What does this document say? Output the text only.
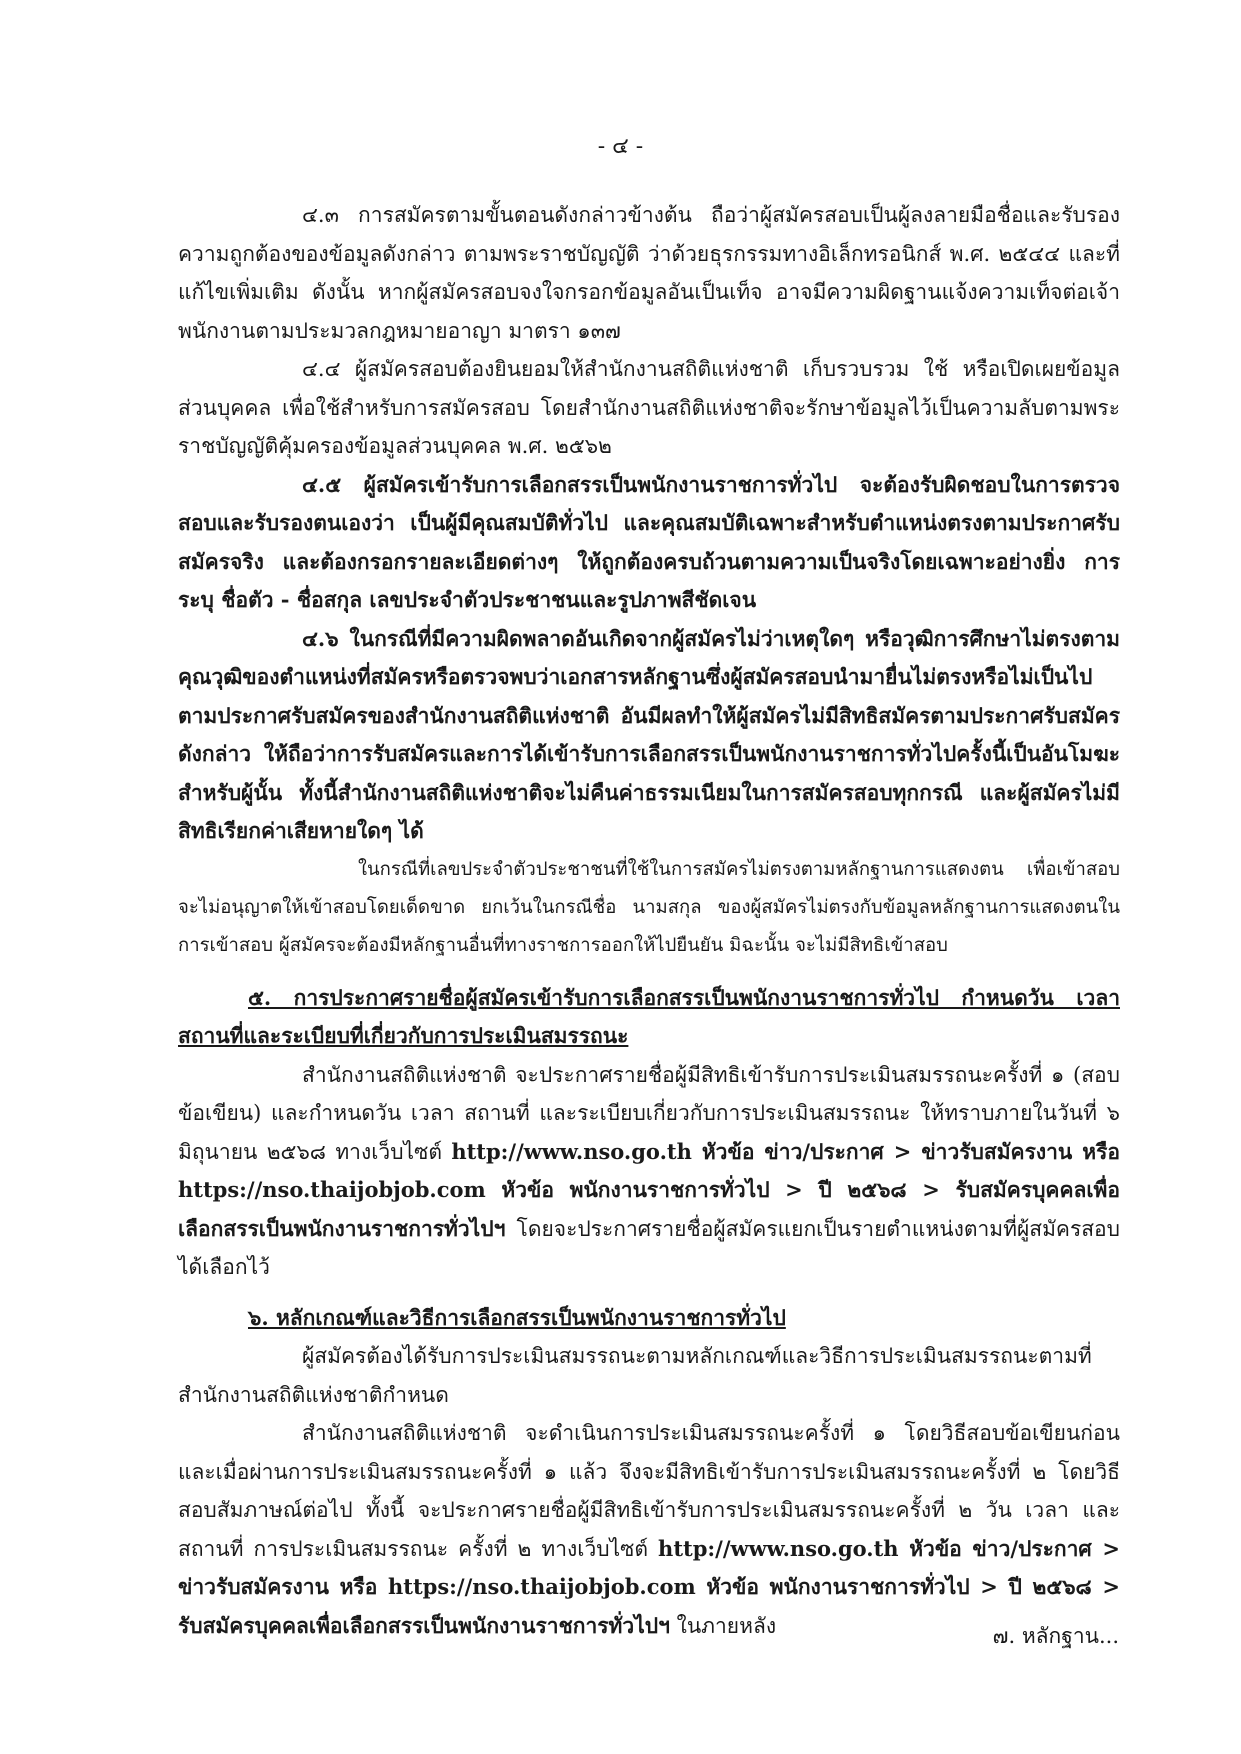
- ๔ -

๔.๓ การสมัครตามขั้นตอนดังกล่าวข้างต้น ถือว่าผู้สมัครสอบเป็นผู้ลงลายมือชื่อและรับรองความถูกต้องของข้อมูลดังกล่าว ตามพระราชบัญญัติ ว่าด้วยธุรกรรมทางอิเล็กทรอนิกส์ พ.ศ. ๒๕๔๔ และที่แก้ไขเพิ่มเติม ดังนั้น หากผู้สมัครสอบจงใจกรอกข้อมูลอันเป็นเท็จ อาจมีความผิดฐานแจ้งความเท็จต่อเจ้าพนักงานตามประมวลกฎหมายอาญา มาตรา ๑๓๗

๔.๔ ผู้สมัครสอบต้องยินยอมให้สำนักงานสถิติแห่งชาติ เก็บรวบรวม ใช้ หรือเปิดเผยข้อมูลส่วนบุคคล เพื่อใช้สำหรับการสมัครสอบ โดยสำนักงานสถิติแห่งชาติจะรักษาข้อมูลไว้เป็นความลับตามพระราชบัญญัติคุ้มครองข้อมูลส่วนบุคคล พ.ศ. ๒๕๖๒

๔.๕ ผู้สมัครเข้ารับการเลือกสรรเป็นพนักงานราชการทั่วไป จะต้องรับผิดชอบในการตรวจสอบและรับรองตนเองว่า เป็นผู้มีคุณสมบัติทั่วไป และคุณสมบัติเฉพาะสำหรับตำแหน่งตรงตามประกาศรับสมัครจริง และต้องกรอกรายละเอียดต่างๆ ให้ถูกต้องครบถ้วนตามความเป็นจริงโดยเฉพาะอย่างยิ่ง การระบุ ชื่อตัว - ชื่อสกุล เลขประจำตัวประชาชนและรูปภาพสีชัดเจน

๔.๖ ในกรณีที่มีความผิดพลาดอันเกิดจากผู้สมัครไม่ว่าเหตุใดๆ หรือวุฒิการศึกษาไม่ตรงตามคุณวุฒิของตำแหน่งที่สมัครหรือตรวจพบว่าเอกสารหลักฐานซึ่งผู้สมัครสอบนำมายื่นไม่ตรงหรือไม่เป็นไปตามประกาศรับสมัครของสำนักงานสถิติแห่งชาติ อันมีผลทำให้ผู้สมัครไม่มีสิทธิสมัครตามประกาศรับสมัครดังกล่าว ให้ถือว่าการรับสมัครและการได้เข้ารับการเลือกสรรเป็นพนักงานราชการทั่วไปครั้งนี้เป็นอันโมฆะสำหรับผู้นั้น ทั้งนี้สำนักงานสถิติแห่งชาติจะไม่คืนค่าธรรมเนียมในการสมัครสอบทุกกรณี และผู้สมัครไม่มีสิทธิเรียกค่าเสียหายใดๆ ได้

ในกรณีที่เลขประจำตัวประชาชนที่ใช้ในการสมัครไม่ตรงตามหลักฐานการแสดงตน เพื่อเข้าสอบจะไม่อนุญาตให้เข้าสอบโดยเด็ดขาด ยกเว้นในกรณีชื่อ นามสกุล ของผู้สมัครไม่ตรงกับข้อมูลหลักฐานการแสดงตนในการเข้าสอบ ผู้สมัครจะต้องมีหลักฐานอื่นที่ทางราชการออกให้ไปยืนยัน มิฉะนั้น จะไม่มีสิทธิเข้าสอบ

๕. การประกาศรายชื่อผู้สมัครเข้ารับการเลือกสรรเป็นพนักงานราชการทั่วไป กำหนดวัน เวลา สถานที่และระเบียบที่เกี่ยวกับการประเมินสมรรถนะ

สำนักงานสถิติแห่งชาติ จะประกาศรายชื่อผู้มีสิทธิเข้ารับการประเมินสมรรถนะครั้งที่ ๑ (สอบข้อเขียน) และกำหนดวัน เวลา สถานที่ และระเบียบเกี่ยวกับการประเมินสมรรถนะ ให้ทราบภายในวันที่ ๖ มิถุนายน ๒๕๖๘ ทางเว็บไซต์ http://www.nso.go.th หัวข้อ ข่าว/ประกาศ > ข่าวรับสมัครงาน หรือ https://nso.thaijobjob.com หัวข้อ พนักงานราชการทั่วไป > ปี ๒๕๖๘ > รับสมัครบุคคลเพื่อเลือกสรรเป็นพนักงานราชการทั่วไปฯ โดยจะประกาศรายชื่อผู้สมัครแยกเป็นรายตำแหน่งตามที่ผู้สมัครสอบได้เลือกไว้

๖. หลักเกณฑ์และวิธีการเลือกสรรเป็นพนักงานราชการทั่วไป

ผู้สมัครต้องได้รับการประเมินสมรรถนะตามหลักเกณฑ์และวิธีการประเมินสมรรถนะตามที่สำนักงานสถิติแห่งชาติกำหนด

สำนักงานสถิติแห่งชาติ จะดำเนินการประเมินสมรรถนะครั้งที่ ๑ โดยวิธีสอบข้อเขียนก่อน และเมื่อผ่านการประเมินสมรรถนะครั้งที่ ๑ แล้ว จึงจะมีสิทธิเข้ารับการประเมินสมรรถนะครั้งที่ ๒ โดยวิธีสอบสัมภาษณ์ต่อไป ทั้งนี้ จะประกาศรายชื่อผู้มีสิทธิเข้ารับการประเมินสมรรถนะครั้งที่ ๒ วัน เวลา และสถานที่ การประเมินสมรรถนะ ครั้งที่ ๒ ทางเว็บไซต์ http://www.nso.go.th หัวข้อ ข่าว/ประกาศ > ข่าวรับสมัครงาน หรือ https://nso.thaijobjob.com หัวข้อ พนักงานราชการทั่วไป > ปี ๒๕๖๘ > รับสมัครบุคคลเพื่อเลือกสรรเป็นพนักงานราชการทั่วไปฯ ในภายหลัง	๗. หลักฐาน...
